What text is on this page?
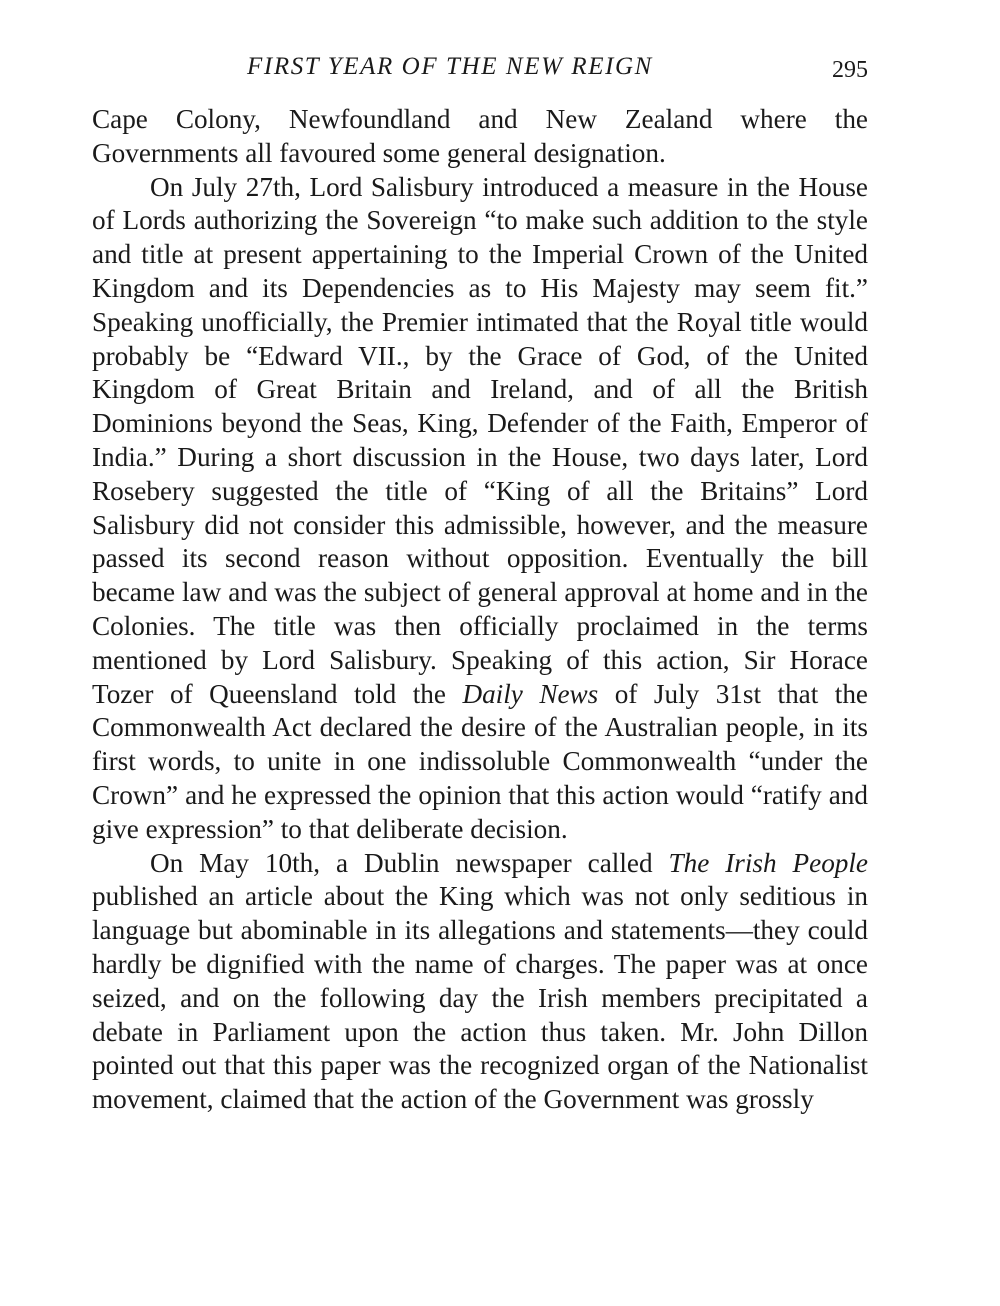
FIRST YEAR OF THE NEW REIGN	295

Cape Colony, Newfoundland and New Zealand where the Governments all favoured some general designation.

On July 27th, Lord Salisbury introduced a measure in the House of Lords authorizing the Sovereign “to make such addition to the style and title at present appertaining to the Imperial Crown of the United Kingdom and its Dependencies as to His Majesty may seem fit.” Speaking unofficially, the Premier intimated that the Royal title would probably be “Edward VII., by the Grace of God, of the United Kingdom of Great Britain and Ireland, and of all the British Dominions beyond the Seas, King, Defender of the Faith, Emperor of India.” During a short discussion in the House, two days later, Lord Rosebery suggested the title of “King of all the Britains” Lord Salisbury did not consider this admissible, however, and the measure passed its second reason without opposition. Eventually the bill became law and was the subject of general approval at home and in the Colonies. The title was then officially proclaimed in the terms mentioned by Lord Salisbury. Speaking of this action, Sir Horace Tozer of Queensland told the Daily News of July 31st that the Commonwealth Act declared the desire of the Australian people, in its first words, to unite in one indissoluble Commonwealth “under the Crown” and he expressed the opinion that this action would “ratify and give expression” to that deliberate decision.

On May 10th, a Dublin newspaper called The Irish People published an article about the King which was not only seditious in language but abominable in its allegations and statements—they could hardly be dignified with the name of charges. The paper was at once seized, and on the following day the Irish members precipitated a debate in Parliament upon the action thus taken. Mr. John Dillon pointed out that this paper was the recognized organ of the Nationalist movement, claimed that the action of the Government was grossly
